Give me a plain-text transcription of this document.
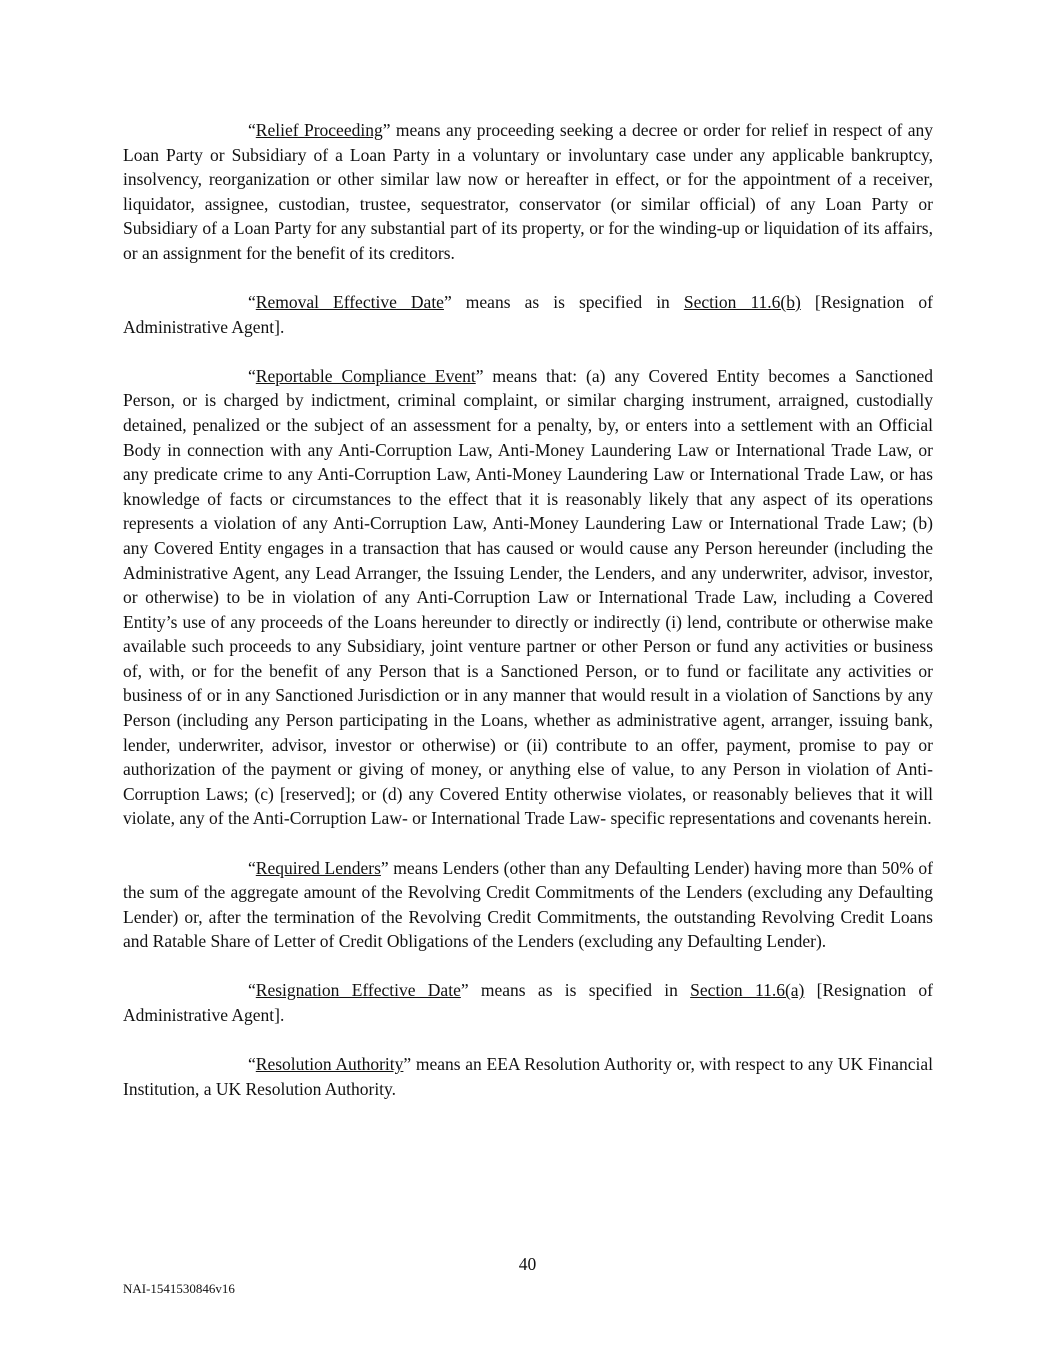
“Relief Proceeding” means any proceeding seeking a decree or order for relief in respect of any Loan Party or Subsidiary of a Loan Party in a voluntary or involuntary case under any applicable bankruptcy, insolvency, reorganization or other similar law now or hereafter in effect, or for the appointment of a receiver, liquidator, assignee, custodian, trustee, sequestrator, conservator (or similar official) of any Loan Party or Subsidiary of a Loan Party for any substantial part of its property, or for the winding-up or liquidation of its affairs, or an assignment for the benefit of its creditors.

“Removal Effective Date” means as is specified in Section 11.6(b) [Resignation of Administrative Agent].

“Reportable Compliance Event” means that: (a) any Covered Entity becomes a Sanctioned Person, or is charged by indictment, criminal complaint, or similar charging instrument, arraigned, custodially detained, penalized or the subject of an assessment for a penalty, by, or enters into a settlement with an Official Body in connection with any Anti-Corruption Law, Anti-Money Laundering Law or International Trade Law, or any predicate crime to any Anti-Corruption Law, Anti-Money Laundering Law or International Trade Law, or has knowledge of facts or circumstances to the effect that it is reasonably likely that any aspect of its operations represents a violation of any Anti-Corruption Law, Anti-Money Laundering Law or International Trade Law; (b) any Covered Entity engages in a transaction that has caused or would cause any Person hereunder (including the Administrative Agent, any Lead Arranger, the Issuing Lender, the Lenders, and any underwriter, advisor, investor, or otherwise) to be in violation of any Anti-Corruption Law or International Trade Law, including a Covered Entity’s use of any proceeds of the Loans hereunder to directly or indirectly (i) lend, contribute or otherwise make available such proceeds to any Subsidiary, joint venture partner or other Person or fund any activities or business of, with, or for the benefit of any Person that is a Sanctioned Person, or to fund or facilitate any activities or business of or in any Sanctioned Jurisdiction or in any manner that would result in a violation of Sanctions by any Person (including any Person participating in the Loans, whether as administrative agent, arranger, issuing bank, lender, underwriter, advisor, investor or otherwise) or (ii) contribute to an offer, payment, promise to pay or authorization of the payment or giving of money, or anything else of value, to any Person in violation of Anti-Corruption Laws; (c) [reserved]; or (d) any Covered Entity otherwise violates, or reasonably believes that it will violate, any of the Anti-Corruption Law- or International Trade Law- specific representations and covenants herein.

“Required Lenders” means Lenders (other than any Defaulting Lender) having more than 50% of the sum of the aggregate amount of the Revolving Credit Commitments of the Lenders (excluding any Defaulting Lender) or, after the termination of the Revolving Credit Commitments, the outstanding Revolving Credit Loans and Ratable Share of Letter of Credit Obligations of the Lenders (excluding any Defaulting Lender).

“Resignation Effective Date” means as is specified in Section 11.6(a) [Resignation of Administrative Agent].

“Resolution Authority” means an EEA Resolution Authority or, with respect to any UK Financial Institution, a UK Resolution Authority.

40
NAI-1541530846v16
